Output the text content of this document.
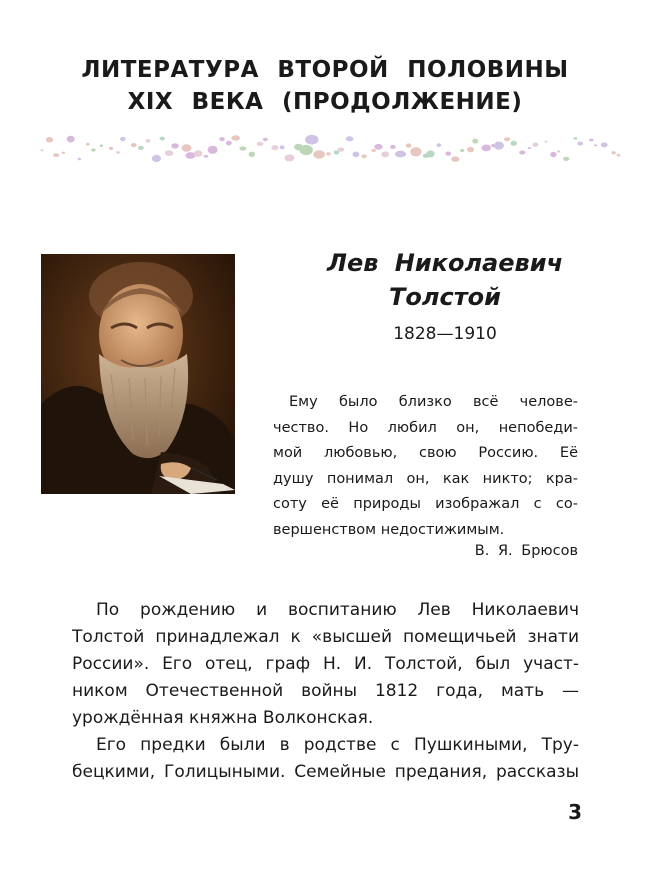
ЛИТЕРАТУРА ВТОРОЙ ПОЛОВИНЫ
XIX ВЕКА (ПРОДОЛЖЕНИЕ)
Лев Николаевич
Толстой
1828—1910
Ему было близко всё челове-
чество. Но любил он, непобеди-
мой любовью, свою Россию. Её
душу понимал он, как никто; кра-
соту её природы изображал с со-
вершенством недостижимым.
В. Я. Брюсов
По рождению и воспитанию Лев Николаевич
Толстой принадлежал к «высшей помещичьей знати
России». Его отец, граф Н. И. Толстой, был участ-
ником Отечественной войны 1812 года, мать —
урождённая княжна Волконская.
Его предки были в родстве с Пушкиными, Тру-
бецкими, Голицыными. Семейные предания, рассказы
3
